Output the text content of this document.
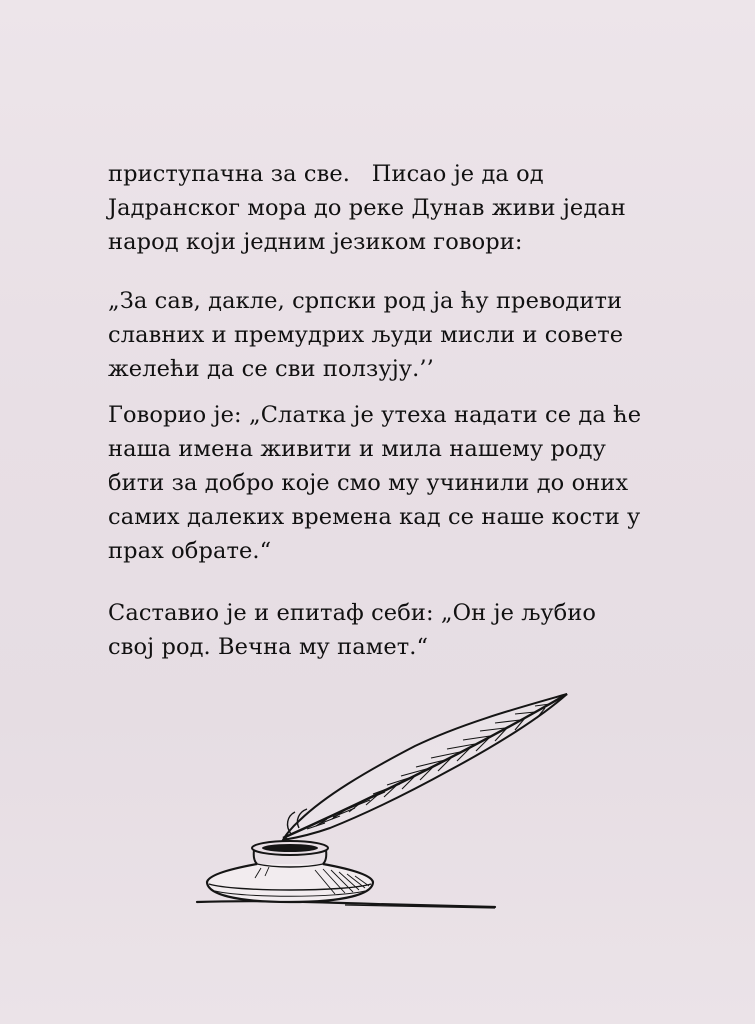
приступачна за све.   Писао је да од
Јадранског мора до реке Дунав живи један
народ који једним језиком говори:
„За сав, дакле, српски род ја ћу преводити
славних и премудрих људи мисли и совете
желећи да се сви ползују.’’
Говорио је: „Слатка је утеха надати се да ће
наша имена живити и мила нашему роду
бити за добро које смо му учинили до оних
самих далеких времена кад се наше кости у
прах обрате.“
Саставио је и епитаф себи: „Он је љубио
свој род. Вечна му памет.“
